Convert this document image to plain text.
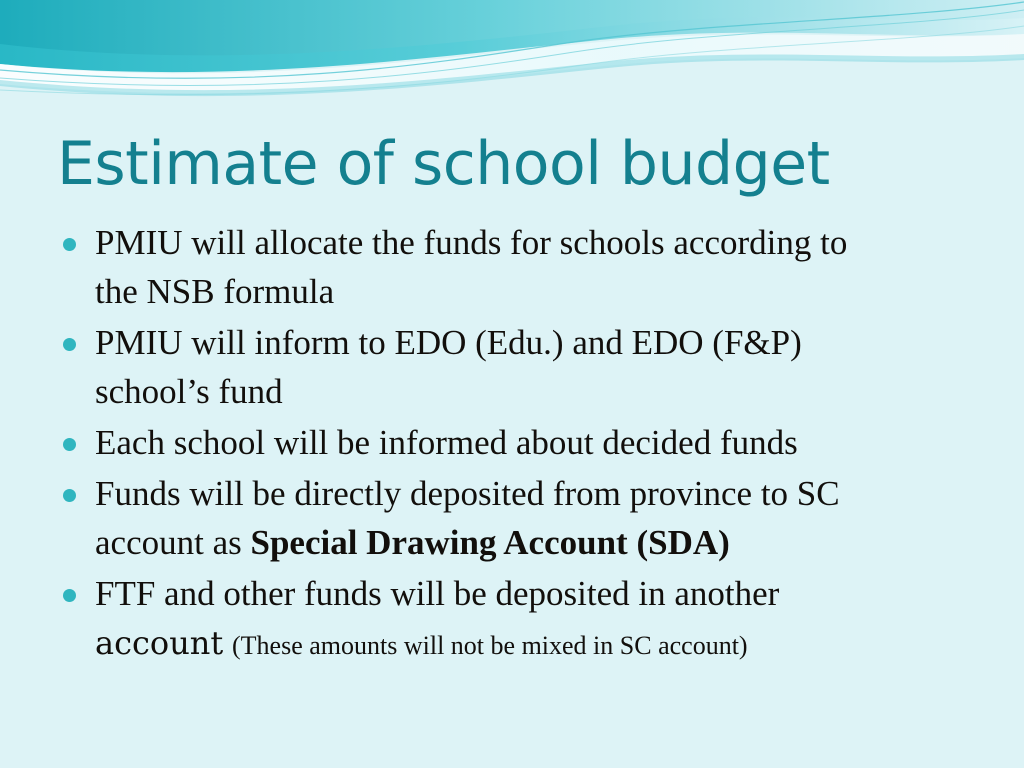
Estimate of school budget
PMIU will allocate the funds for schools according to
the NSB formula
PMIU will inform to EDO (Edu.) and EDO (F&P)
school’s fund
Each school will be informed about decided funds
Funds will be directly deposited from province to SC
account as Special Drawing Account (SDA)
FTF and other funds will be deposited in another
account (These amounts will not be mixed in SC account)
